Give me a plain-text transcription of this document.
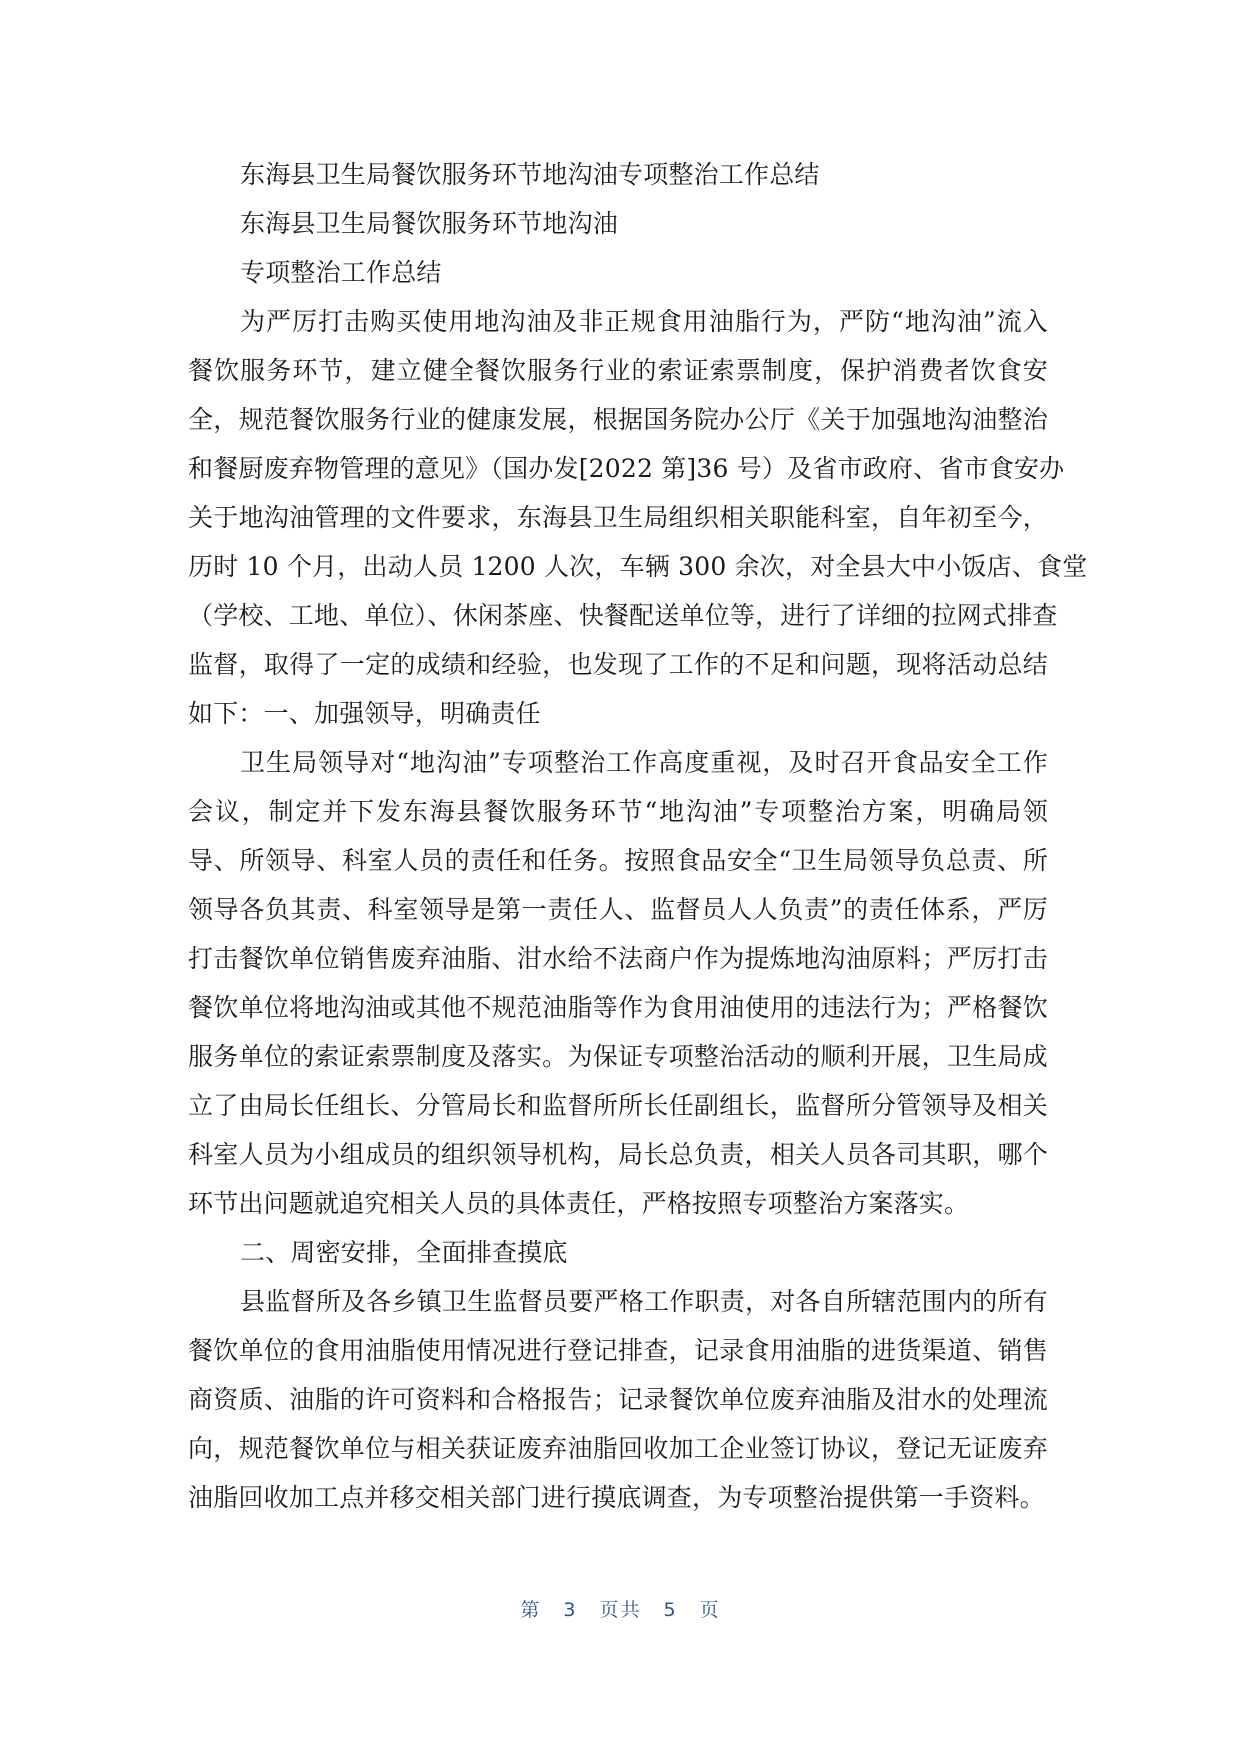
东海县卫生局餐饮服务环节地沟油专项整治工作总结
东海县卫生局餐饮服务环节地沟油
专项整治工作总结
为严厉打击购买使用地沟油及非正规食用油脂行为，严防“地沟油”流入
餐饮服务环节，建立健全餐饮服务行业的索证索票制度，保护消费者饮食安
全，规范餐饮服务行业的健康发展，根据国务院办公厅《关于加强地沟油整治
和餐厨废弃物管理的意见》（国办发[2022 第]36 号）及省市政府、省市食安办
关于地沟油管理的文件要求，东海县卫生局组织相关职能科室，自年初至今，
历时 10 个月，出动人员 1200 人次，车辆 300 余次，对全县大中小饭店、食堂
（学校、工地、单位）、休闲茶座、快餐配送单位等，进行了详细的拉网式排查
监督，取得了一定的成绩和经验，也发现了工作的不足和问题，现将活动总结
如下：一、加强领导，明确责任
卫生局领导对“地沟油”专项整治工作高度重视，及时召开食品安全工作
会议，制定并下发东海县餐饮服务环节“地沟油”专项整治方案，明确局领
导、所领导、科室人员的责任和任务。按照食品安全“卫生局领导负总责、所
领导各负其责、科室领导是第一责任人、监督员人人负责”的责任体系，严厉
打击餐饮单位销售废弃油脂、泔水给不法商户作为提炼地沟油原料；严厉打击
餐饮单位将地沟油或其他不规范油脂等作为食用油使用的违法行为；严格餐饮
服务单位的索证索票制度及落实。为保证专项整治活动的顺利开展，卫生局成
立了由局长任组长、分管局长和监督所所长任副组长，监督所分管领导及相关
科室人员为小组成员的组织领导机构，局长总负责，相关人员各司其职，哪个
环节出问题就追究相关人员的具体责任，严格按照专项整治方案落实。
二、周密安排，全面排查摸底
县监督所及各乡镇卫生监督员要严格工作职责，对各自所辖范围内的所有
餐饮单位的食用油脂使用情况进行登记排查，记录食用油脂的进货渠道、销售
商资质、油脂的许可资料和合格报告；记录餐饮单位废弃油脂及泔水的处理流
向，规范餐饮单位与相关获证废弃油脂回收加工企业签订协议，登记无证废弃
油脂回收加工点并移交相关部门进行摸底调查，为专项整治提供第一手资料。
第 3 页共 5 页
